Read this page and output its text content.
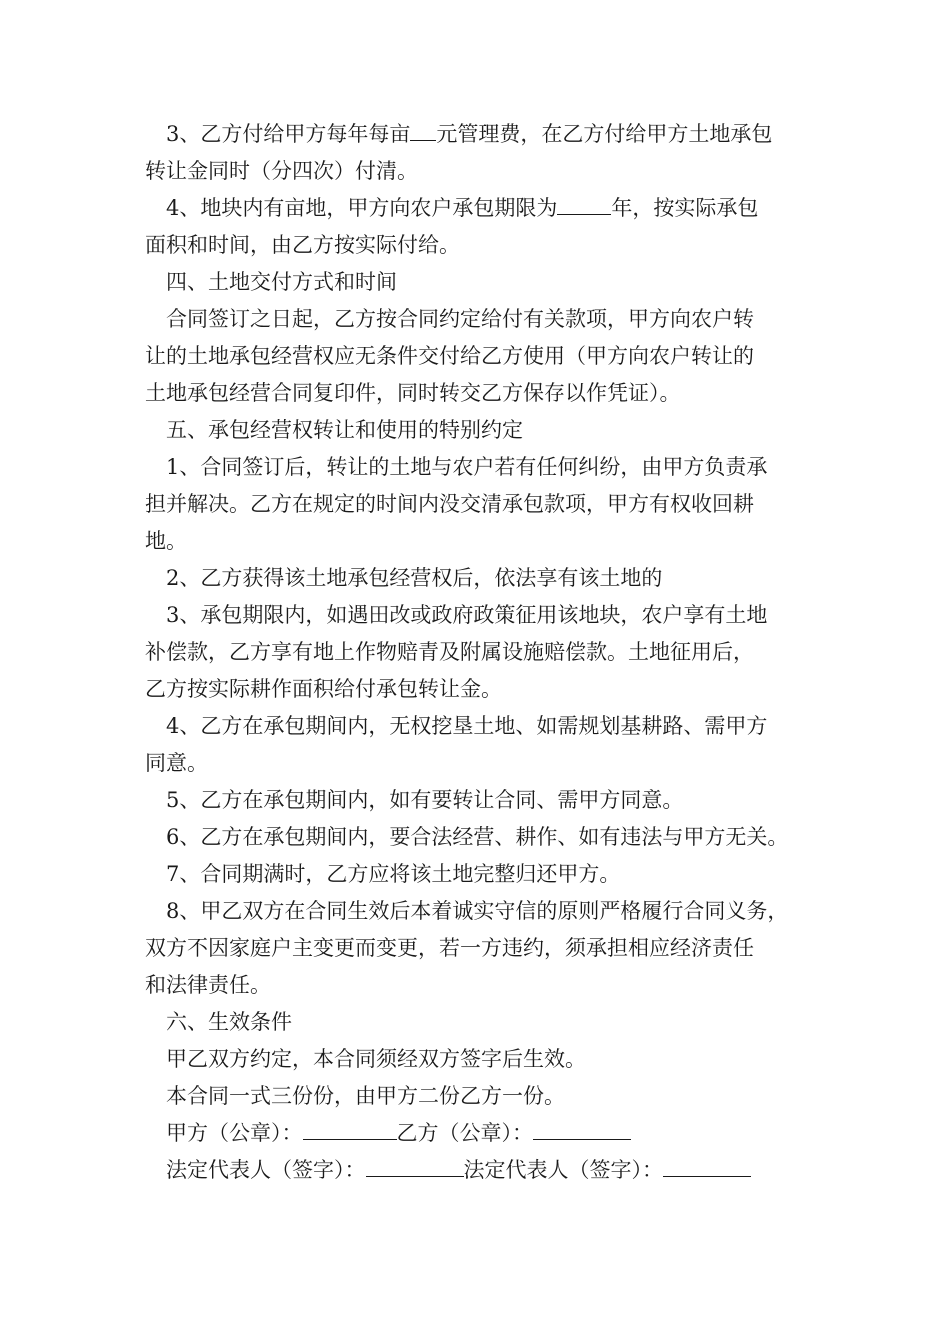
3、乙方付给甲方每年每亩 元管理费，在乙方付给甲方土地承包
转让金同时（分四次）付清。
4、地块内有亩地，甲方向农户承包期限为	年，按实际承包
面积和时间，由乙方按实际付给。
四、土地交付方式和时间
合同签订之日起，乙方按合同约定给付有关款项，甲方向农户转
让的土地承包经营权应无条件交付给乙方使用（甲方向农户转让的
土地承包经营合同复印件，同时转交乙方保存以作凭证）。
五、承包经营权转让和使用的特别约定
1、合同签订后，转让的土地与农户若有任何纠纷，由甲方负责承
担并解决。乙方在规定的时间内没交清承包款项，甲方有权收回耕
地。
2、乙方获得该土地承包经营权后，依法享有该土地的
3、承包期限内，如遇田改或政府政策征用该地块，农户享有土地
补偿款，乙方享有地上作物赔青及附属设施赔偿款。土地征用后，
乙方按实际耕作面积给付承包转让金。
4、乙方在承包期间内，无权挖垦土地、如需规划基耕路、需甲方
同意。
5、乙方在承包期间内，如有要转让合同、需甲方同意。
6、乙方在承包期间内，要合法经营、耕作、如有违法与甲方无关。
7、合同期满时，乙方应将该土地完整归还甲方。
8、甲乙双方在合同生效后本着诚实守信的原则严格履行合同义务，
双方不因家庭户主变更而变更，若一方违约，须承担相应经济责任
和法律责任。
六、生效条件
甲乙双方约定，本合同须经双方签字后生效。
本合同一式三份份，由甲方二份乙方一份。
甲方（公章）：	乙方（公章）：
法定代表人（签字）：	法定代表人（签字）：
